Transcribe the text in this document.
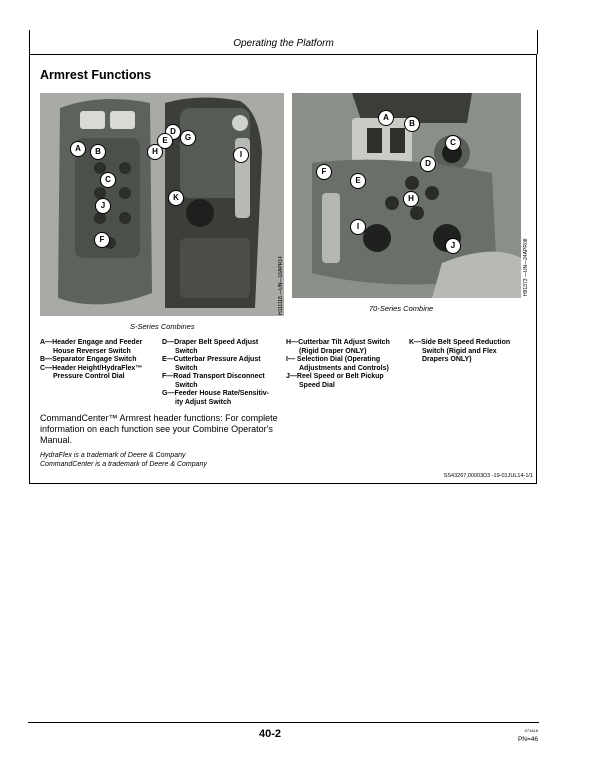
Operating the Platform
Armrest Functions
A	B
C
J
F
D
E
H
G
I
K
H111118 —UN—16APR14
S-Series Combines
A
B
C
D
E
F
H
I
J	H91373 —UN—24APR08
70-Series Combine
A—Header Engage and Feeder
House Reverser Switch
B—Separator Engage Switch
C—Header Height/HydraFlex™
Pressure Control Dial
D—Draper Belt Speed Adjust
Switch
E—Cutterbar Pressure Adjust
Switch
F—Road Transport Disconnect
Switch
G—Feeder House Rate/Sensitiv-
ity Adjust Switch
H—Cutterbar Tilt Adjust Switch
(Rigid Draper ONLY)
I— Selection Dial (Operating
Adjustments and Controls)
J—Reel Speed or Belt Pickup
Speed Dial
K—Side Belt Speed Reduction
Switch (Rigid and Flex
Drapers ONLY)
CommandCenter™ Armrest header functions: For complete information on each function see your Combine Operator's Manual.
HydraFlex is a trademark of Deere & Company
CommandCenter is a trademark of Deere & Company
SS43267,00003D3 -19-01JUL14-1/1
40-2	071618
PN=46
